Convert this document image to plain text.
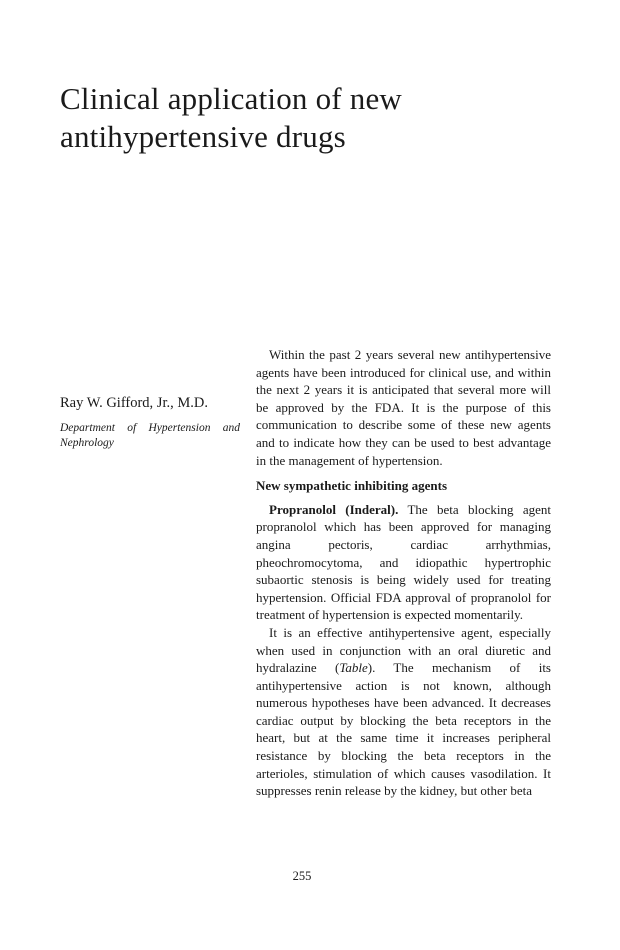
Clinical application of new
antihypertensive drugs

Ray W. Gifford, Jr., M.D.

Department of Hypertension and Nephrology

Within the past 2 years several new antihypertensive agents have been introduced for clinical use, and within the next 2 years it is anticipated that several more will be approved by the FDA. It is the purpose of this communication to describe some of these new agents and to indicate how they can be used to best advantage in the management of hypertension.

New sympathetic inhibiting agents

Propranolol (Inderal). The beta blocking agent propranolol which has been approved for managing angina pectoris, cardiac arrhythmias, pheochromocytoma, and idiopathic hypertrophic subaortic stenosis is being widely used for treating hypertension. Official FDA approval of propranolol for treatment of hypertension is expected momentarily.

It is an effective antihypertensive agent, especially when used in conjunction with an oral diuretic and hydralazine (Table). The mechanism of its antihypertensive action is not known, although numerous hypotheses have been advanced. It decreases cardiac output by blocking the beta receptors in the heart, but at the same time it increases peripheral resistance by blocking the beta receptors in the arterioles, stimulation of which causes vasodilation. It suppresses renin release by the kidney, but other beta

255
